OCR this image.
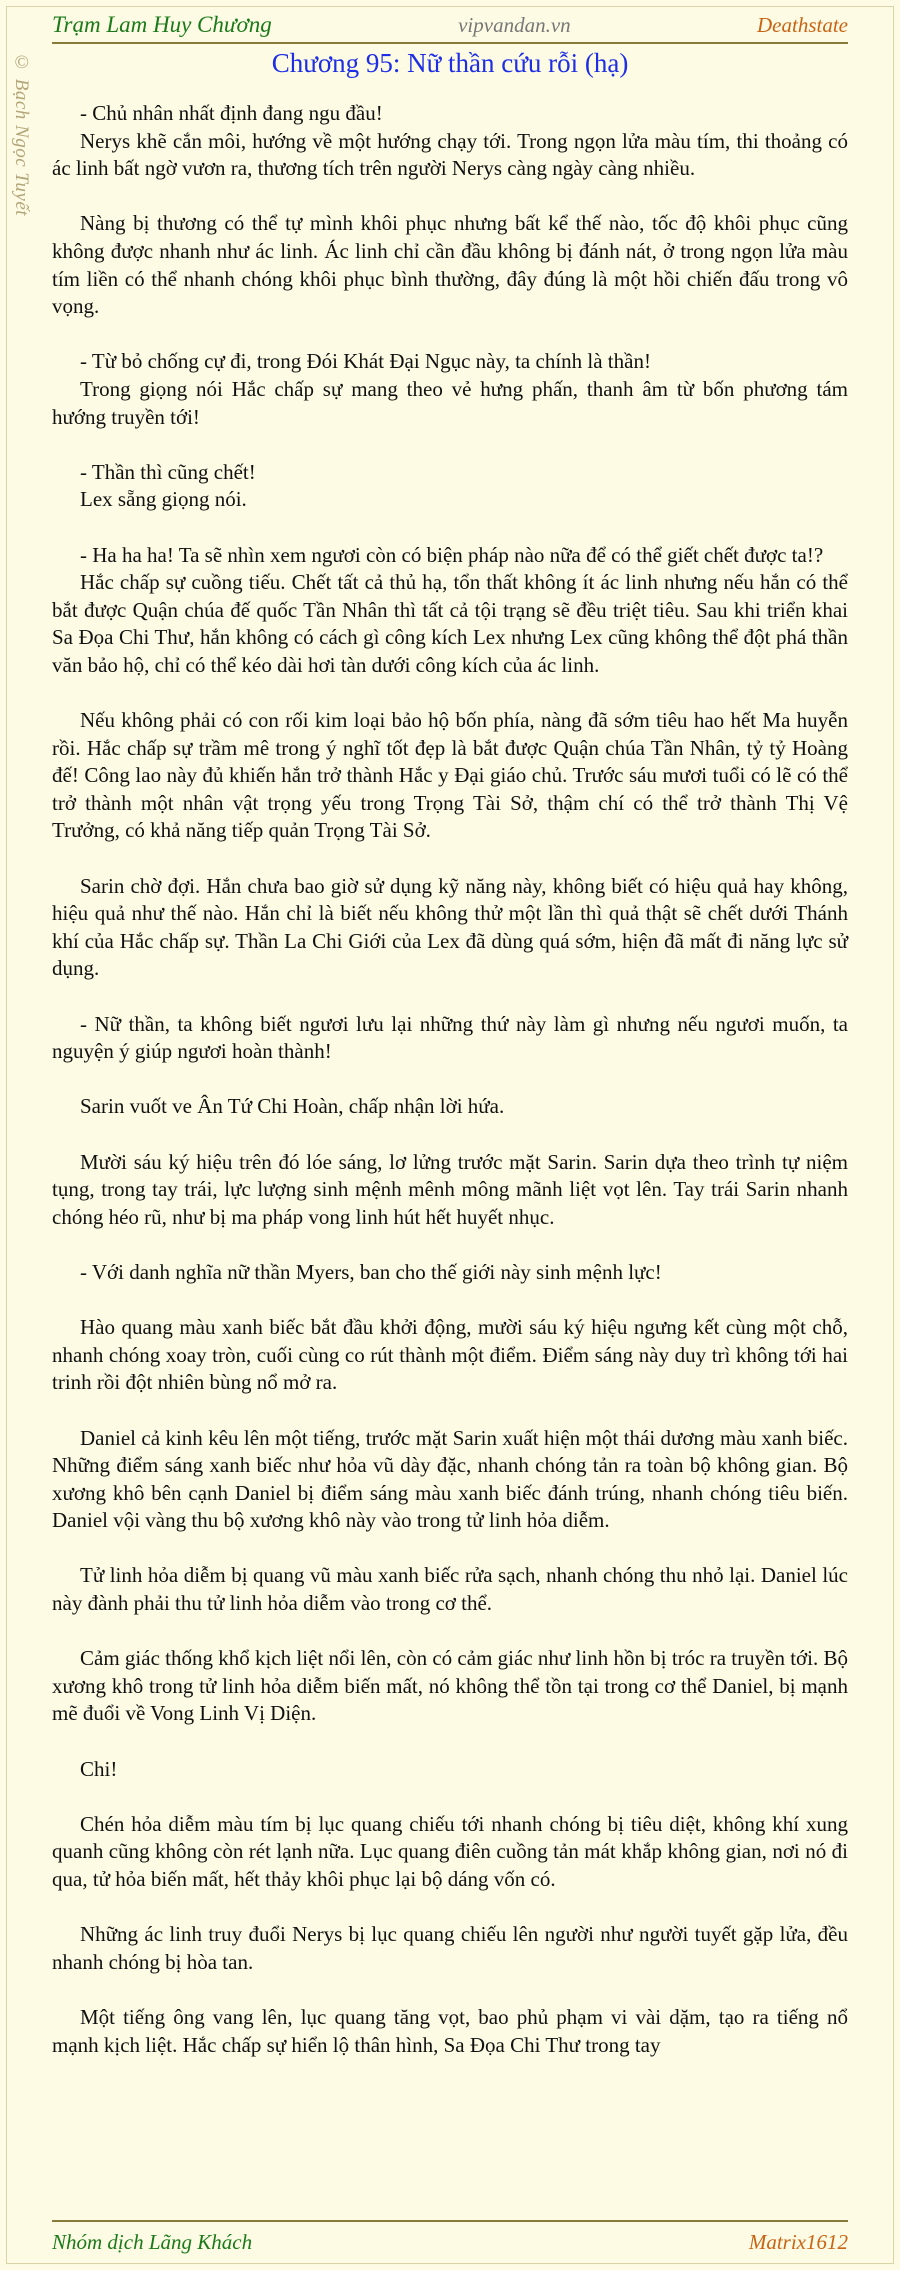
Trạm Lam Huy Chương	vipvandan.vn	Deathstate
© Bạch Ngọc Tuyết	Chương 95: Nữ thần cứu rỗi (hạ)

- Chủ nhân nhất định đang ngu đầu!

Nerys khẽ cắn môi, hướng về một hướng chạy tới. Trong ngọn lửa màu tím, thi thoảng có ác linh bất ngờ vươn ra, thương tích trên người Nerys càng ngày càng nhiều.

Nàng bị thương có thể tự mình khôi phục nhưng bất kể thế nào, tốc độ khôi phục cũng không được nhanh như ác linh. Ác linh chỉ cần đầu không bị đánh nát, ở trong ngọn lửa màu tím liền có thể nhanh chóng khôi phục bình thường, đây đúng là một hồi chiến đấu trong vô vọng.

- Từ bỏ chống cự đi, trong Đói Khát Đại Ngục này, ta chính là thần!

Trong giọng nói Hắc chấp sự mang theo vẻ hưng phấn, thanh âm từ bốn phương tám hướng truyền tới!

- Thần thì cũng chết!

Lex sẵng giọng nói.

- Ha ha ha! Ta sẽ nhìn xem ngươi còn có biện pháp nào nữa để có thể giết chết được ta!?

Hắc chấp sự cuồng tiếu. Chết tất cả thủ hạ, tổn thất không ít ác linh nhưng nếu hắn có thể bắt được Quận chúa đế quốc Tần Nhân thì tất cả tội trạng sẽ đều triệt tiêu. Sau khi triển khai Sa Đọa Chi Thư, hắn không có cách gì công kích Lex nhưng Lex cũng không thể đột phá thần văn bảo hộ, chỉ có thể kéo dài hơi tàn dưới công kích của ác linh.

Nếu không phải có con rối kim loại bảo hộ bốn phía, nàng đã sớm tiêu hao hết Ma huyễn rồi. Hắc chấp sự trầm mê trong ý nghĩ tốt đẹp là bắt được Quận chúa Tần Nhân, tỷ tỷ Hoàng đế! Công lao này đủ khiến hắn trở thành Hắc y Đại giáo chủ. Trước sáu mươi tuổi có lẽ có thể trở thành một nhân vật trọng yếu trong Trọng Tài Sở, thậm chí có thể trở thành Thị Vệ Trưởng, có khả năng tiếp quản Trọng Tài Sở.

Sarin chờ đợi. Hắn chưa bao giờ sử dụng kỹ năng này, không biết có hiệu quả hay không, hiệu quả như thế nào. Hắn chỉ là biết nếu không thử một lần thì quả thật sẽ chết dưới Thánh khí của Hắc chấp sự. Thần La Chi Giới của Lex đã dùng quá sớm, hiện đã mất đi năng lực sử dụng.

- Nữ thần, ta không biết ngươi lưu lại những thứ này làm gì nhưng nếu ngươi muốn, ta nguyện ý giúp ngươi hoàn thành!

Sarin vuốt ve Ân Tứ Chi Hoàn, chấp nhận lời hứa.

Mười sáu ký hiệu trên đó lóe sáng, lơ lửng trước mặt Sarin. Sarin dựa theo trình tự niệm tụng, trong tay trái, lực lượng sinh mệnh mênh mông mãnh liệt vọt lên. Tay trái Sarin nhanh chóng héo rũ, như bị ma pháp vong linh hút hết huyết nhục.

- Với danh nghĩa nữ thần Myers, ban cho thế giới này sinh mệnh lực!

Hào quang màu xanh biếc bắt đầu khởi động, mười sáu ký hiệu ngưng kết cùng một chỗ, nhanh chóng xoay tròn, cuối cùng co rút thành một điểm. Điểm sáng này duy trì không tới hai trinh rồi đột nhiên bùng nổ mở ra.

Daniel cả kinh kêu lên một tiếng, trước mặt Sarin xuất hiện một thái dương màu xanh biếc. Những điểm sáng xanh biếc như hỏa vũ dày đặc, nhanh chóng tản ra toàn bộ không gian. Bộ xương khô bên cạnh Daniel bị điểm sáng màu xanh biếc đánh trúng, nhanh chóng tiêu biến. Daniel vội vàng thu bộ xương khô này vào trong tử linh hỏa diễm.

Tử linh hỏa diễm bị quang vũ màu xanh biếc rửa sạch, nhanh chóng thu nhỏ lại. Daniel lúc này đành phải thu tử linh hỏa diễm vào trong cơ thể.

Cảm giác thống khổ kịch liệt nổi lên, còn có cảm giác như linh hồn bị tróc ra truyền tới. Bộ xương khô trong tử linh hỏa diễm biến mất, nó không thể tồn tại trong cơ thể Daniel, bị mạnh mẽ đuổi về Vong Linh Vị Diện.

Chi!

Chén hỏa diễm màu tím bị lục quang chiếu tới nhanh chóng bị tiêu diệt, không khí xung quanh cũng không còn rét lạnh nữa. Lục quang điên cuồng tản mát khắp không gian, nơi nó đi qua, tử hỏa biến mất, hết thảy khôi phục lại bộ dáng vốn có.

Những ác linh truy đuổi Nerys bị lục quang chiếu lên người như người tuyết gặp lửa, đều nhanh chóng bị hòa tan.

Một tiếng ông vang lên, lục quang tăng vọt, bao phủ phạm vi vài dặm, tạo ra tiếng nổ mạnh kịch liệt. Hắc chấp sự hiển lộ thân hình, Sa Đọa Chi Thư trong tay

Nhóm dịch Lãng Khách	Matrix1612
